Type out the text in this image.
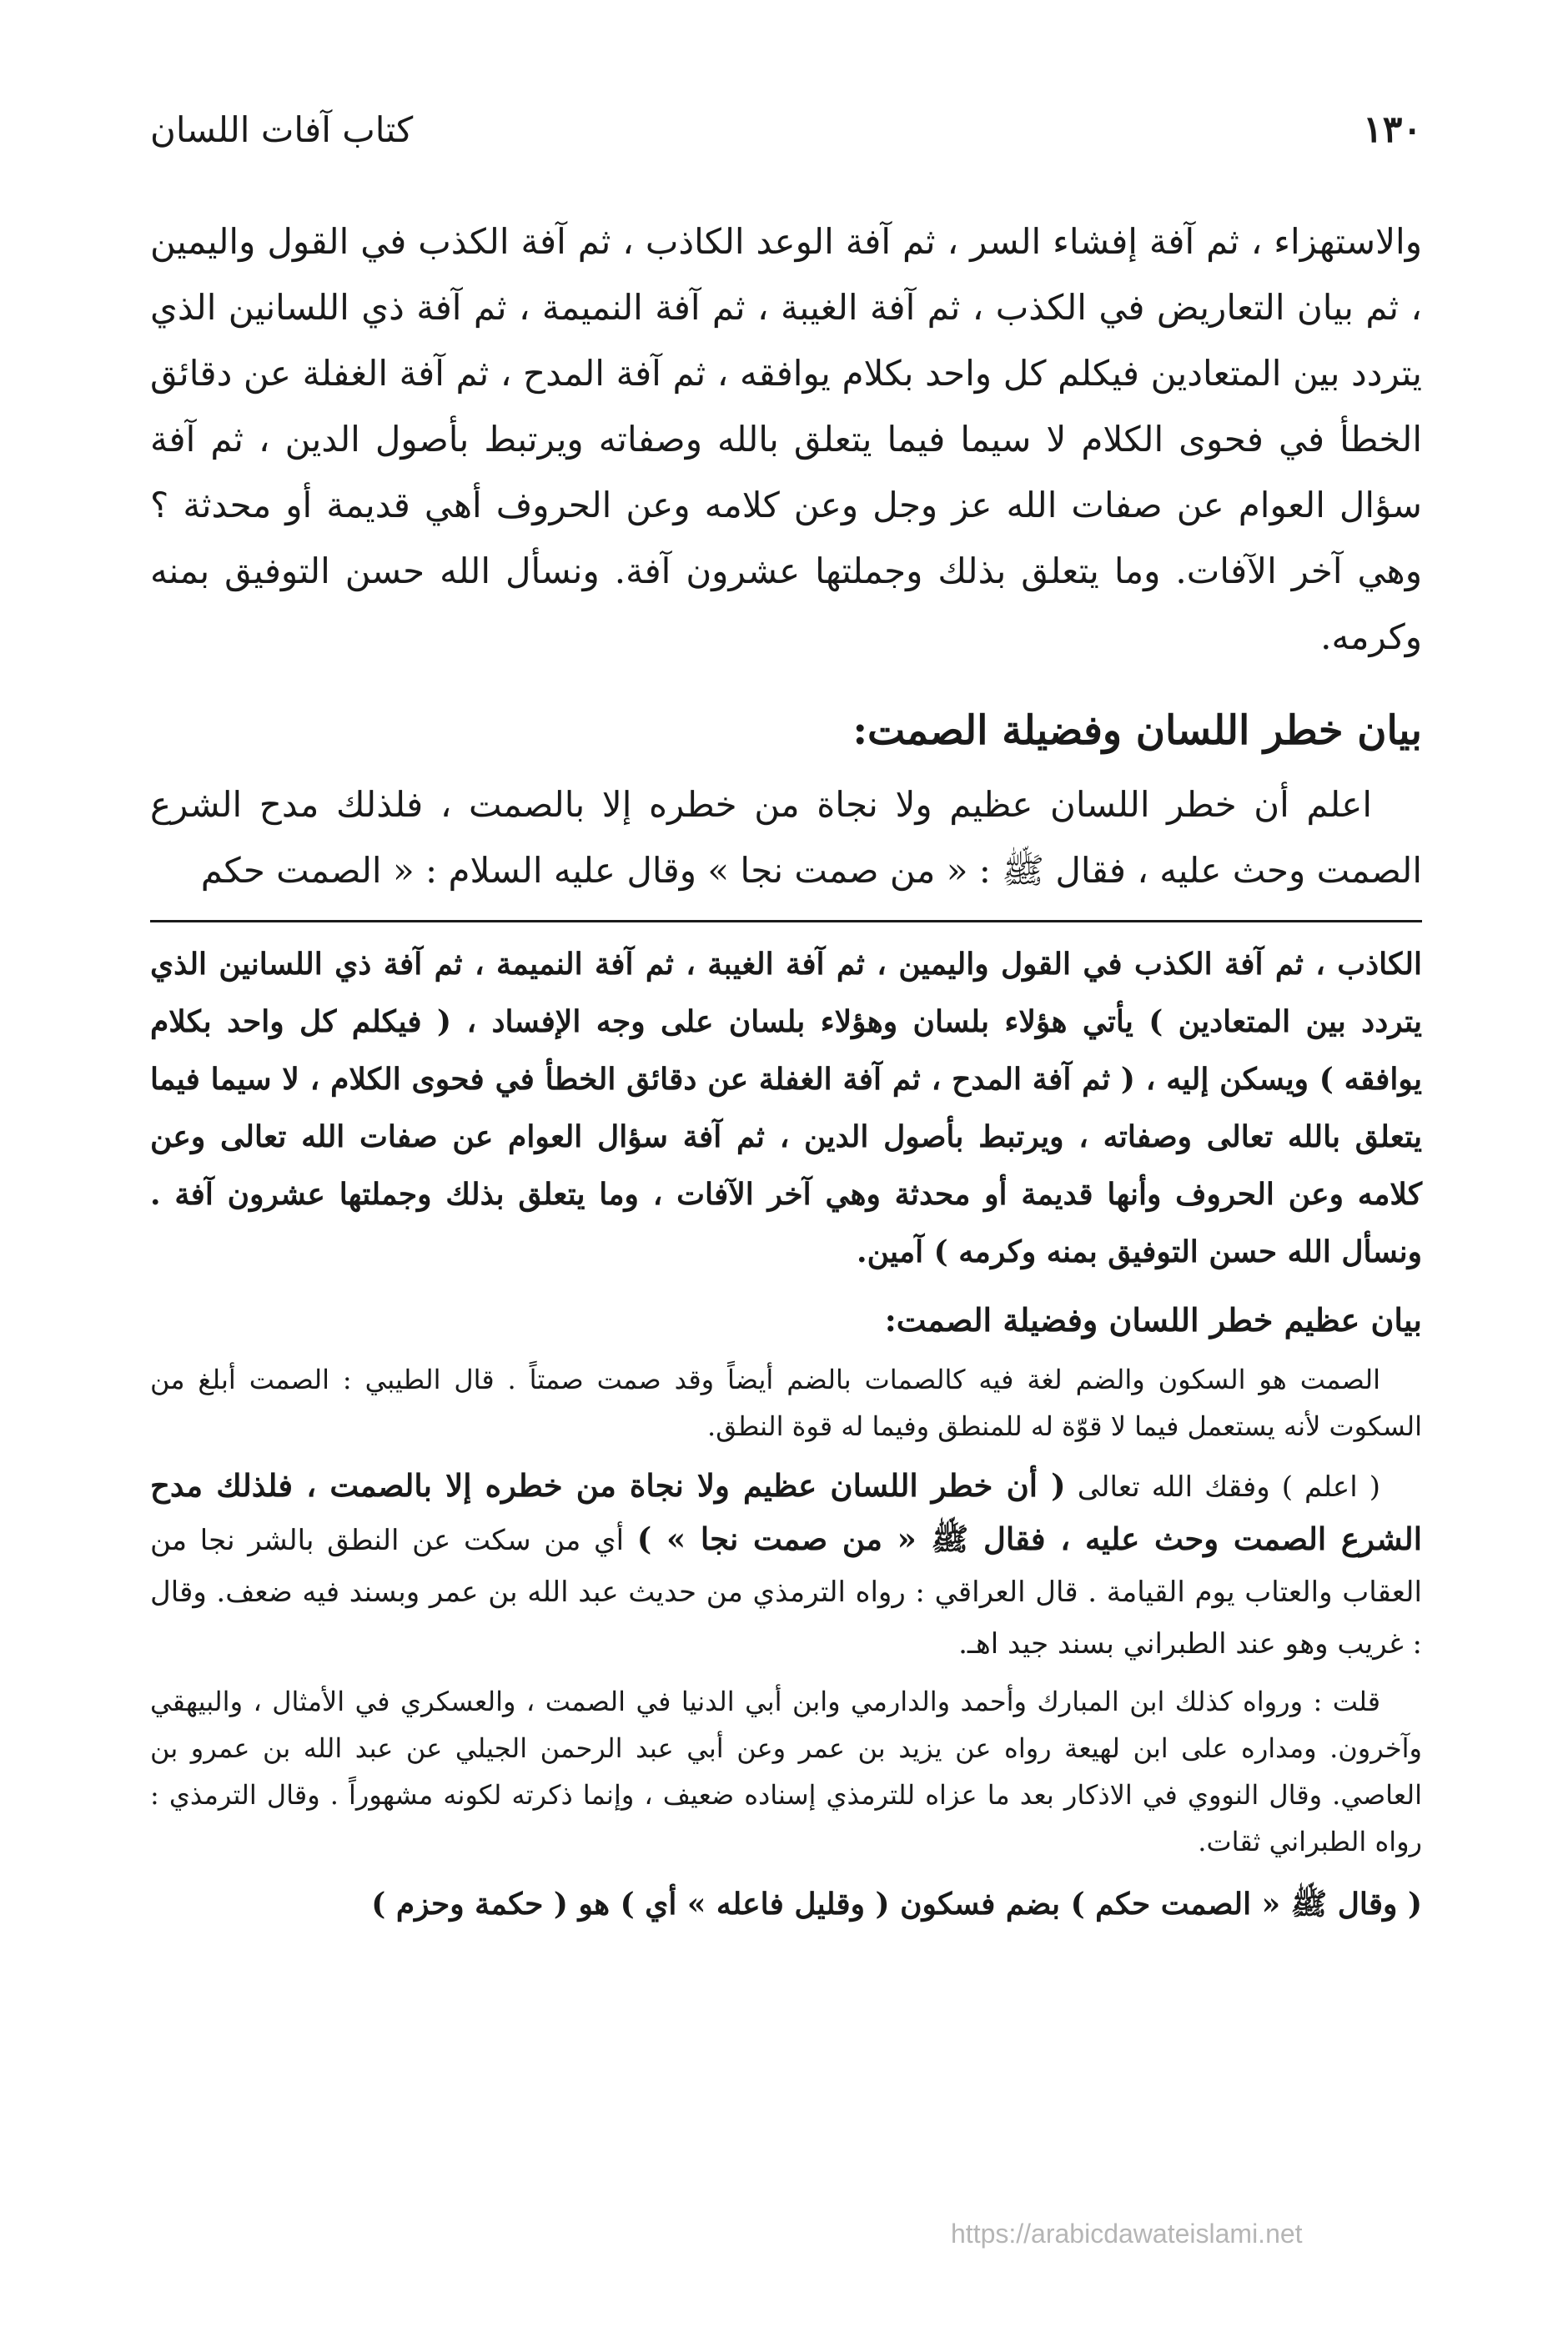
١٣٠
كتاب آفات اللسان

والاستهزاء ، ثم آفة إفشاء السر ، ثم آفة الوعد الكاذب ، ثم آفة الكذب في القول واليمين ، ثم بيان التعاريض في الكذب ، ثم آفة الغيبة ، ثم آفة النميمة ، ثم آفة ذي اللسانين الذي يتردد بين المتعادين فيكلم كل واحد بكلام يوافقه ، ثم آفة المدح ، ثم آفة الغفلة عن دقائق الخطأ في فحوى الكلام لا سيما فيما يتعلق بالله وصفاته ويرتبط بأصول الدين ، ثم آفة سؤال العوام عن صفات الله عز وجل وعن كلامه وعن الحروف أهي قديمة أو محدثة ؟ وهي آخر الآفات. وما يتعلق بذلك وجملتها عشرون آفة. ونسأل الله حسن التوفيق بمنه وكرمه.

بيان خطر اللسان وفضيلة الصمت:

اعلم أن خطر اللسان عظيم ولا نجاة من خطره إلا بالصمت ، فلذلك مدح الشرع الصمت وحث عليه ، فقال ﷺ : « من صمت نجا » وقال عليه السلام : « الصمت حكم

الكاذب ، ثم آفة الكذب في القول واليمين ، ثم آفة الغيبة ، ثم آفة النميمة ، ثم آفة ذي اللسانين الذي يتردد بين المتعادين ) يأتي هؤلاء بلسان وهؤلاء بلسان على وجه الإفساد ، ( فيكلم كل واحد بكلام يوافقه ) ويسكن إليه ، ( ثم آفة المدح ، ثم آفة الغفلة عن دقائق الخطأ في فحوى الكلام ، لا سيما فيما يتعلق بالله تعالى وصفاته ، ويرتبط بأصول الدين ، ثم آفة سؤال العوام عن صفات الله تعالى وعن كلامه وعن الحروف وأنها قديمة أو محدثة وهي آخر الآفات ، وما يتعلق بذلك وجملتها عشرون آفة . ونسأل الله حسن التوفيق بمنه وكرمه ) آمين.

بيان عظيم خطر اللسان وفضيلة الصمت:

الصمت هو السكون والضم لغة فيه كالصمات بالضم أيضاً وقد صمت صمتاً . قال الطيبي : الصمت أبلغ من السكوت لأنه يستعمل فيما لا قوّة له للمنطق وفيما له قوة النطق.

( اعلم ) وفقك الله تعالى ( أن خطر اللسان عظيم ولا نجاة من خطره إلا بالصمت ، فلذلك مدح الشرع الصمت وحث عليه ، فقال ﷺ « من صمت نجا » ) أي من سكت عن النطق بالشر نجا من العقاب والعتاب يوم القيامة . قال العراقي : رواه الترمذي من حديث عبد الله بن عمر وبسند فيه ضعف. وقال : غريب وهو عند الطبراني بسند جيد اهـ.

قلت : ورواه كذلك ابن المبارك وأحمد والدارمي وابن أبي الدنيا في الصمت ، والعسكري في الأمثال ، والبيهقي وآخرون. ومداره على ابن لهيعة رواه عن يزيد بن عمر وعن أبي عبد الرحمن الجيلي عن عبد الله بن عمرو بن العاصي. وقال النووي في الاذكار بعد ما عزاه للترمذي إسناده ضعيف ، وإنما ذكرته لكونه مشهوراً . وقال الترمذي : رواه الطبراني ثقات.

( وقال ﷺ « الصمت حكم ) بضم فسكون ( وقليل فاعله » أي ) هو ( حكمة وحزم )

https://arabicdawateislami.net
